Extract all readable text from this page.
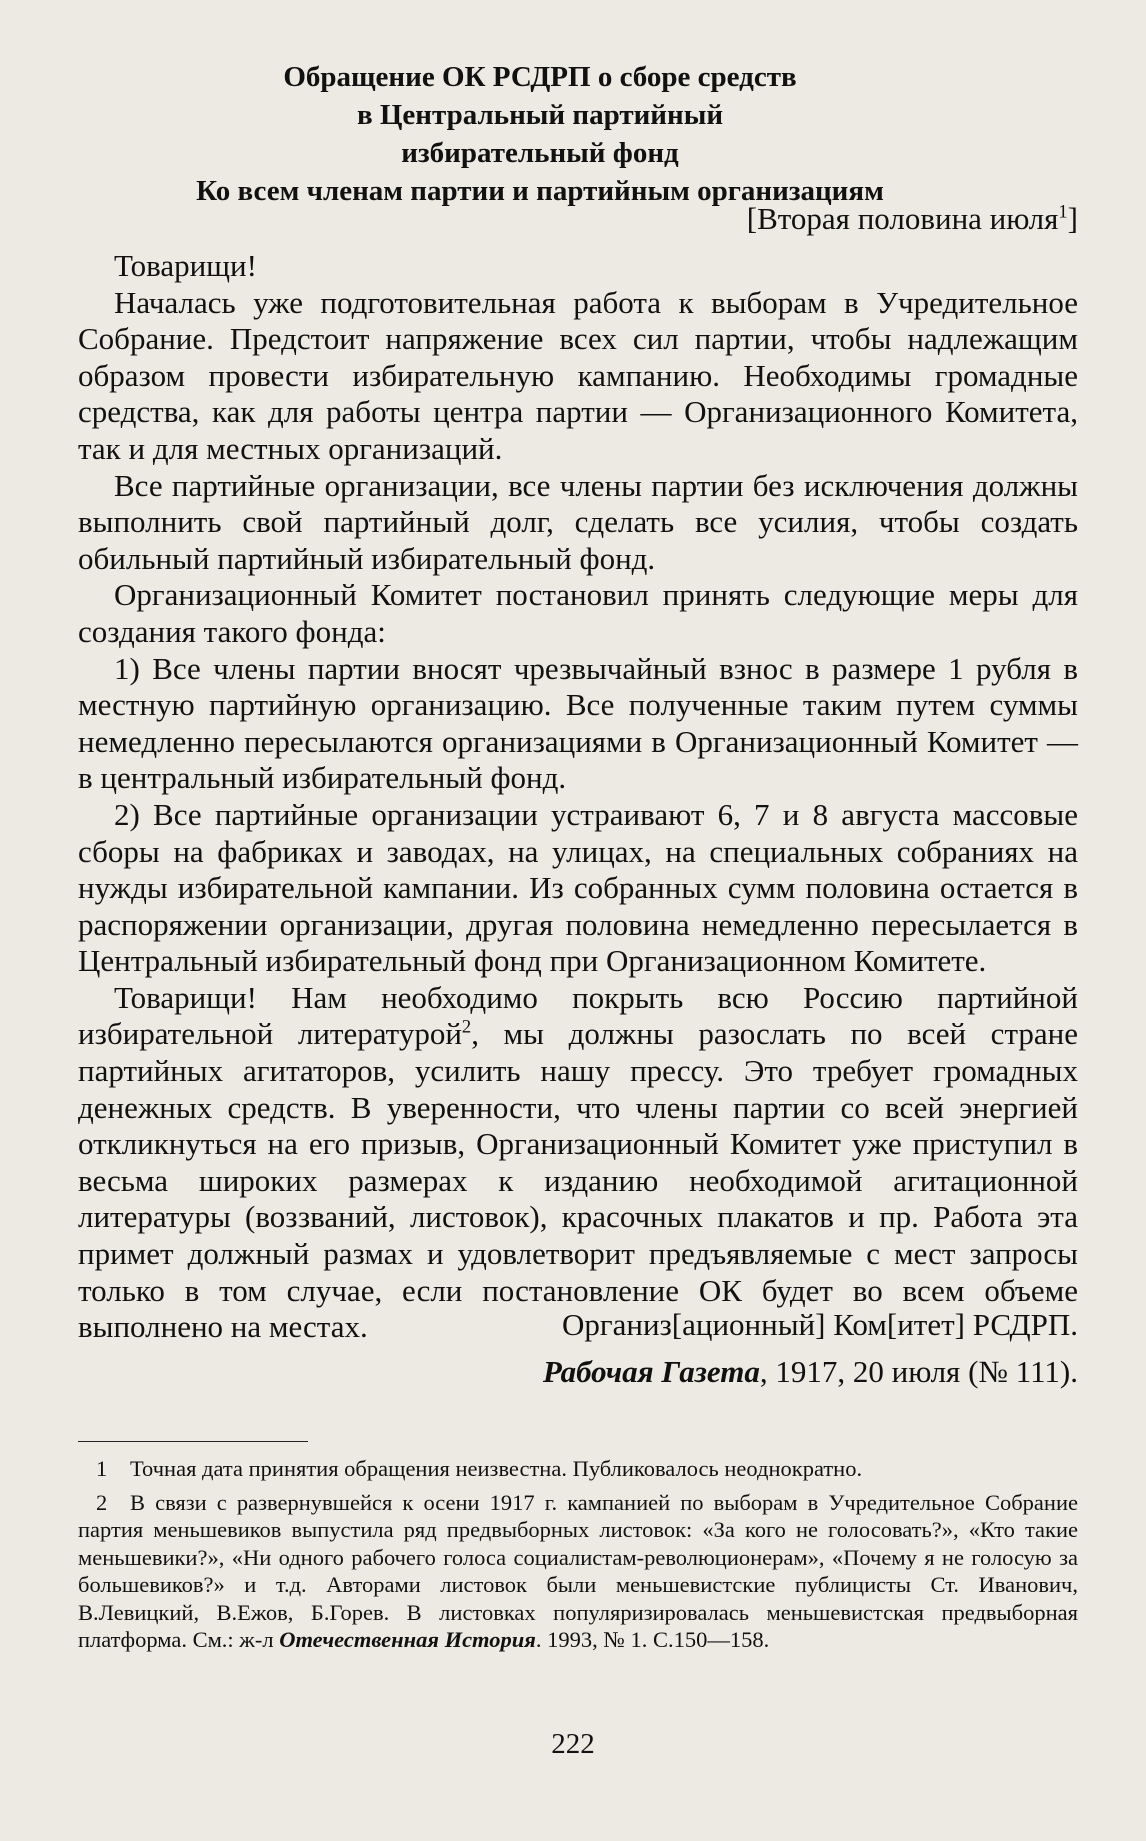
Обращение ОК РСДРП о сборе средств
в Центральный партийный
избирательный фонд
Ко всем членам партии и партийным организациям
[Вторая половина июля$^1$]

Товарищи!

Началась уже подготовительная работа к выборам в Учредительное Собрание. Предстоит напряжение всех сил партии, чтобы надлежащим образом провести избирательную кампанию. Необходимы громадные средства, как для работы центра партии — Организационного Комитета, так и для местных организаций.

Все партийные организации, все члены партии без исключения должны выполнить свой партийный долг, сделать все усилия, чтобы создать обильный партийный избирательный фонд.

Организационный Комитет постановил принять следующие меры для создания такого фонда:

1) Все члены партии вносят чрезвычайный взнос в размере 1 рубля в местную партийную организацию. Все полученные таким путем суммы немедленно пересылаются организациями в Организационный Комитет — в центральный избирательный фонд.

2) Все партийные организации устраивают 6, 7 и 8 августа массовые сборы на фабриках и заводах, на улицах, на специальных собраниях на нужды избирательной кампании. Из собранных сумм половина остается в распоряжении организации, другая половина немедленно пересылается в Центральный избирательный фонд при Организационном Комитете.

Товарищи! Нам необходимо покрыть всю Россию партийной избирательной литературой$^2$, мы должны разослать по всей стране партийных агитаторов, усилить нашу прессу. Это требует громадных денежных средств. В уверенности, что члены партии со всей энергией откликнуться на его призыв, Организационный Комитет уже приступил в весьма широких размерах к изданию необходимой агитационной литературы (воззваний, листовок), красочных плакатов и пр. Работа эта примет должный размах и удовлетворит предъявляемые с мест запросы только в том случае, если постановление ОК будет во всем объеме выполнено на местах.	Организ[ационный] Ком[итет] РСДРП.
Рабочая Газета, 1917, 20 июля (№ 111).

1 Точная дата принятия обращения неизвестна. Публиковалось неоднократно.

2 В связи с развернувшейся к осени 1917 г. кампанией по выборам в Учредительное Собрание партия меньшевиков выпустила ряд предвыборных листовок: «За кого не голосовать?», «Кто такие меньшевики?», «Ни одного рабочего голоса социалистам-революционерам», «Почему я не голосую за большевиков?» и т.д. Авторами листовок были меньшевистские публицисты Ст. Иванович, В.Левицкий, В.Ежов, Б.Горев. В листовках популяризировалась меньшевистская предвыборная платформа. См.: ж-л Отечественная История. 1993, № 1. С.150—158.

222
